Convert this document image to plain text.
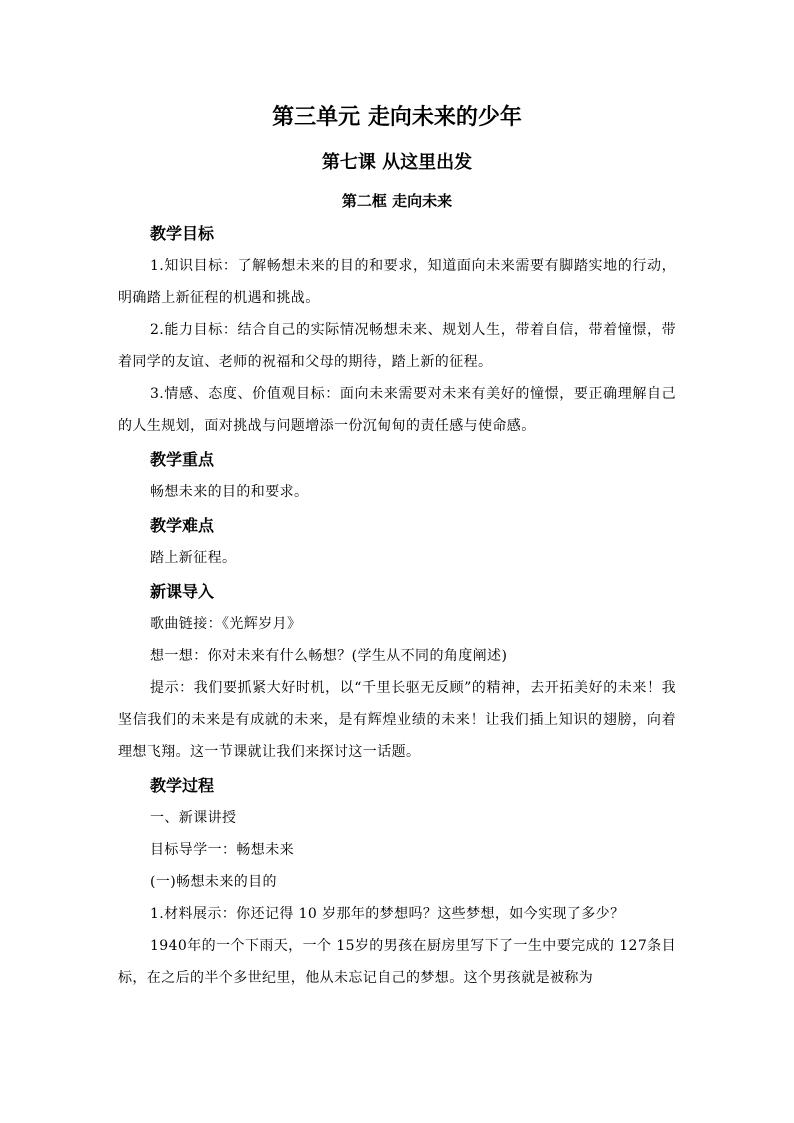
第三单元 走向未来的少年
第七课 从这里出发
第二框 走向未来
教学目标
1.知识目标：了解畅想未来的目的和要求，知道面向未来需要有脚踏实地的行动，明确踏上新征程的机遇和挑战。
2.能力目标：结合自己的实际情况畅想未来、规划人生，带着自信，带着憧憬，带着同学的友谊、老师的祝福和父母的期待，踏上新的征程。
3.情感、态度、价值观目标：面向未来需要对未来有美好的憧憬，要正确理解自己的人生规划，面对挑战与问题增添一份沉甸甸的责任感与使命感。
教学重点
畅想未来的目的和要求。
教学难点
踏上新征程。
新课导入
歌曲链接：《光辉岁月》
想一想：你对未来有什么畅想？(学生从不同的角度阐述)
提示：我们要抓紧大好时机，以“千里长驱无反顾”的精神，去开拓美好的未来！我坚信我们的未来是有成就的未来，是有辉煌业绩的未来！让我们插上知识的翅膀，向着理想飞翔。这一节课就让我们来探讨这一话题。
教学过程
一、新课讲授
目标导学一：畅想未来
(一)畅想未来的目的
1.材料展示：你还记得 10 岁那年的梦想吗？这些梦想，如今实现了多少？
1940年的一个下雨天，一个 15岁的男孩在厨房里写下了一生中要完成的 127条目标，在之后的半个多世纪里，他从未忘记自己的梦想。这个男孩就是被称为
